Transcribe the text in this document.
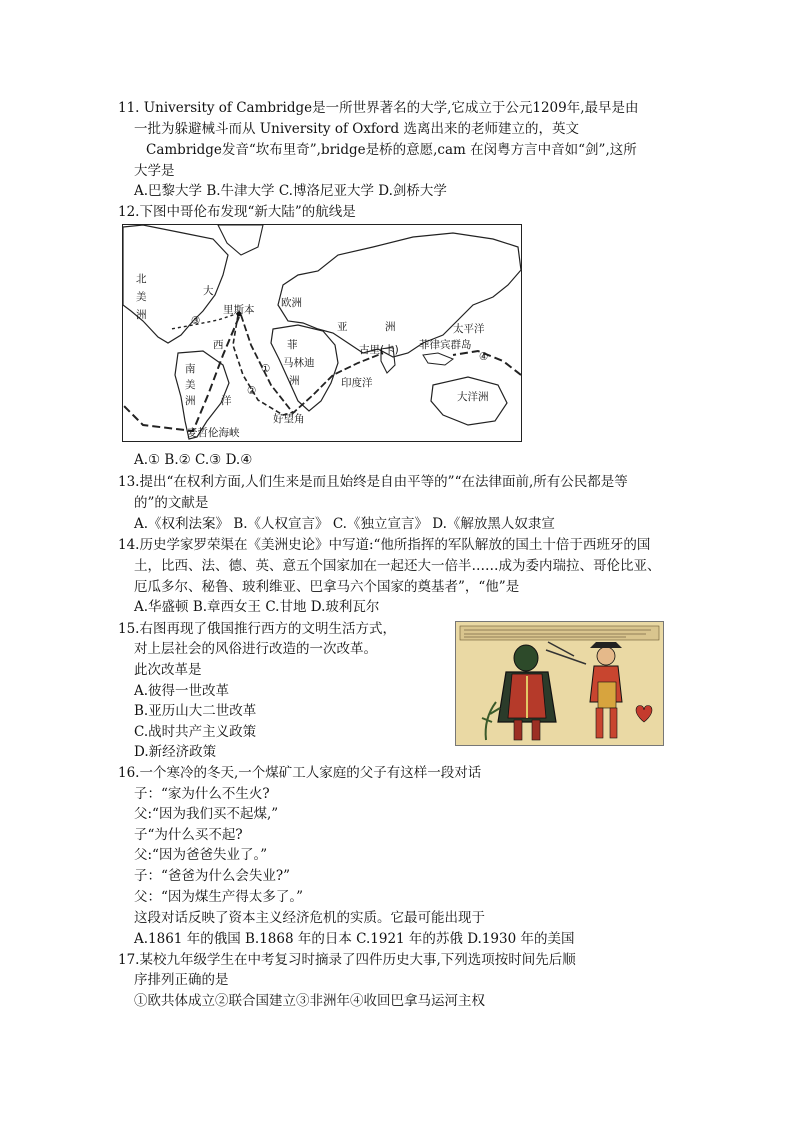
11. University of Cambridge是一所世界著名的大学,它成立于公元1209年,最早是由
一批为躲避械斗而从 University of Oxford 选离出来的老师建立的，英文
Cambridge发音“坎布里奇”,bridge是桥的意愿,cam 在闵粤方言中音如“剑”,这所
大学是
A.巴黎大学 B.牛津大学 C.博洛尼亚大学 D.剑桥大学
12.下图中哥伦布发现“新大陆”的航线是
北
美
洲
大
西
洋
里斯本
欧洲
亚	洲	太平洋
菲
马林迪
洲
古里(卡) 菲律宾群岛
南
美
洲
印度洋
大洋洲
好望角
麦哲伦海峡
①
②
③
④
A.① B.② C.③ D.④
13.提出“在权利方面,人们生来是而且始终是自由平等的”“在法律面前,所有公民都是等
的”的文献是
A.《权利法案》 B.《人权宣言》 C.《独立宣言》 D.《解放黑人奴隶宣
14.历史学家罗荣渠在《美洲史论》中写道:“他所指挥的军队解放的国土十倍于西班牙的国
土，比西、法、德、英、意五个国家加在一起还大一倍半……成为委内瑞拉、哥伦比亚、
厄瓜多尔、秘鲁、玻利维亚、巴拿马六个国家的奠基者”，“他”是
A.华盛顿 B.章西女王 C.甘地 D.玻利瓦尔
15.右图再现了俄国推行西方的文明生活方式，
对上层社会的风俗进行改造的一次改革。
此次改革是
A.彼得一世改革
B.亚历山大二世改革
C.战时共产主义政策
D.新经济政策
16.一个寒冷的冬天,一个煤矿工人家庭的父子有这样一段对话
子：“家为什么不生火?
父:“因为我们买不起煤,”
子“为什么买不起?
父:“因为爸爸失业了。”
子：“爸爸为什么会失业?”
父：“因为煤生产得太多了。”
这段对话反映了资本主义经济危机的实质。它最可能出现于
A.1861 年的俄国 B.1868 年的日本 C.1921 年的苏俄 D.1930 年的美国
17.某校九年级学生在中考复习时摘录了四件历史大事,下列选项按时间先后顺
序排列正确的是
①欧共体成立②联合国建立③非洲年④收回巴拿马运河主权
